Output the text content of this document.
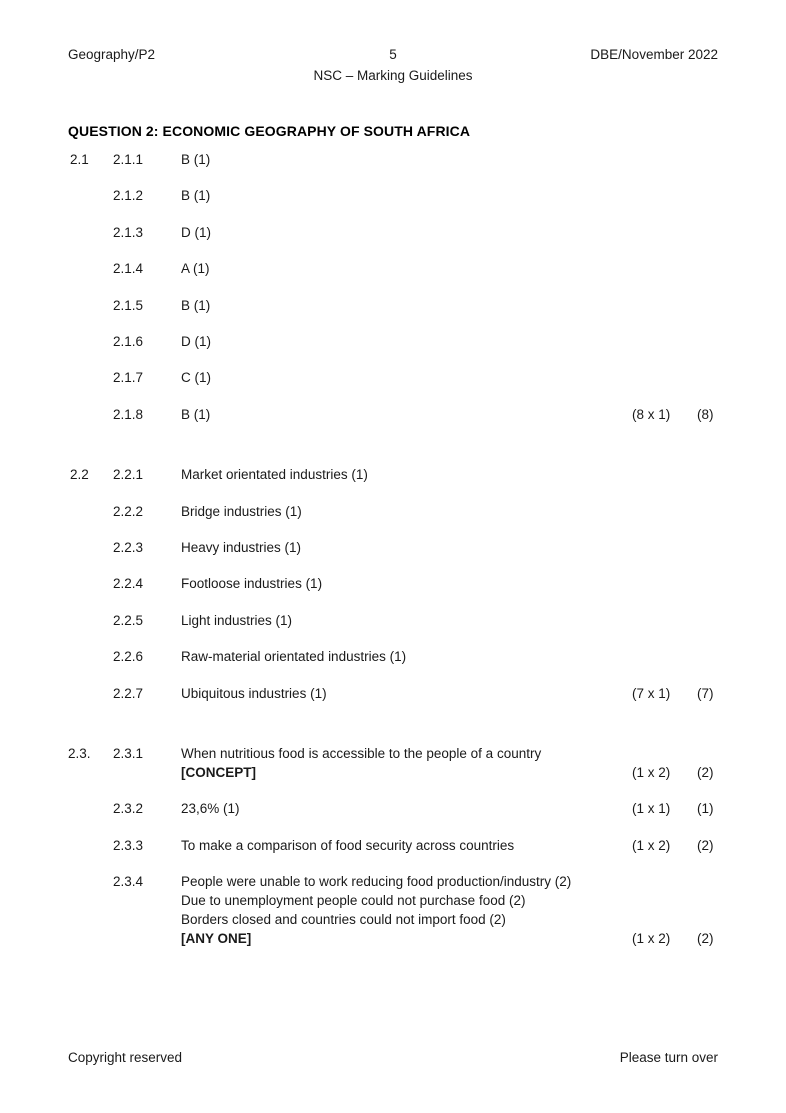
Geography/P2	5	DBE/November 2022
NSC – Marking Guidelines
QUESTION 2: ECONOMIC GEOGRAPHY OF SOUTH AFRICA
2.1	2.1.1	B (1)
2.1.2	B (1)
2.1.3	D (1)
2.1.4	A (1)
2.1.5	B (1)
2.1.6	D (1)
2.1.7	C (1)
2.1.8	B (1)	(8 x 1)	(8)
2.2	2.2.1	Market orientated industries (1)
2.2.2	Bridge industries (1)
2.2.3	Heavy industries (1)
2.2.4	Footloose industries (1)
2.2.5	Light industries (1)
2.2.6	Raw-material orientated industries (1)
2.2.7	Ubiquitous industries (1)	(7 x 1)	(7)
2.3.	2.3.1	When nutritious food is accessible to the people of a country
[CONCEPT]	(1 x 2)	(2)
2.3.2	23,6% (1)	(1 x 1)	(1)
2.3.3	To make a comparison of food security across countries	(1 x 2)	(2)
2.3.4	People were unable to work reducing food production/industry (2)
Due to unemployment people could not purchase food (2)
Borders closed and countries could not import food (2)
[ANY ONE]	(1 x 2)	(2)
Copyright reserved	Please turn over
